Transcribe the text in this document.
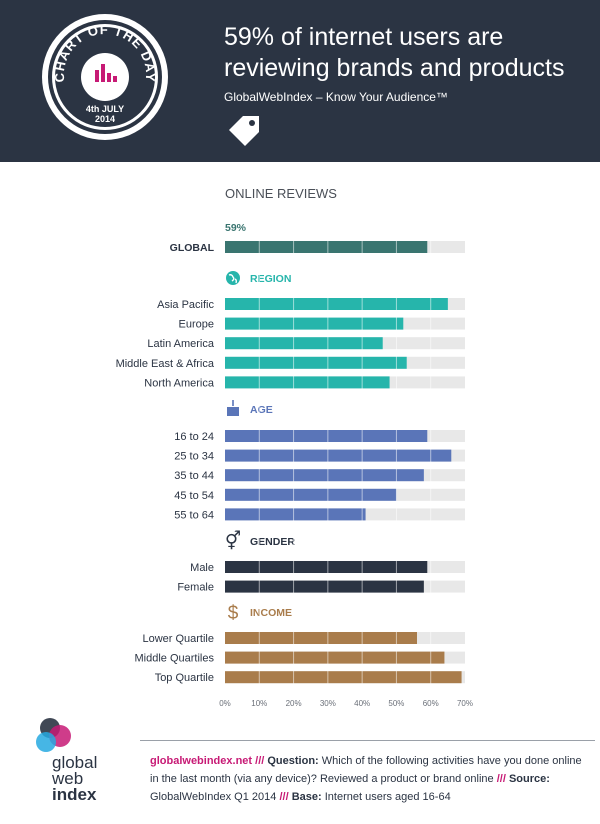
CHART OF THE DAY
4th JULY
2014
59% of internet users are
reviewing brands and products
GlobalWebIndex – Know Your Audience™
ONLINE REVIEWS
GLOBAL
REGION
Asia Pacific
Europe
Latin America
Middle East & Africa
North America
AGE
16 to 24
25 to 34
35 to 44
45 to 54
55 to 64
⚥ GENDER
Male
Female
$ INCOME
Lower Quartile
Middle Quartiles
Top Quartile
59%
0%	10% 20% 30% 40% 50% 60% 70%
global
web
index
globalwebindex.net /// Question: Which of the following activities have you done online in the last month (via any device)? Reviewed a product or brand online /// Source: GlobalWebIndex Q1 2014 /// Base: Internet users aged 16-64
